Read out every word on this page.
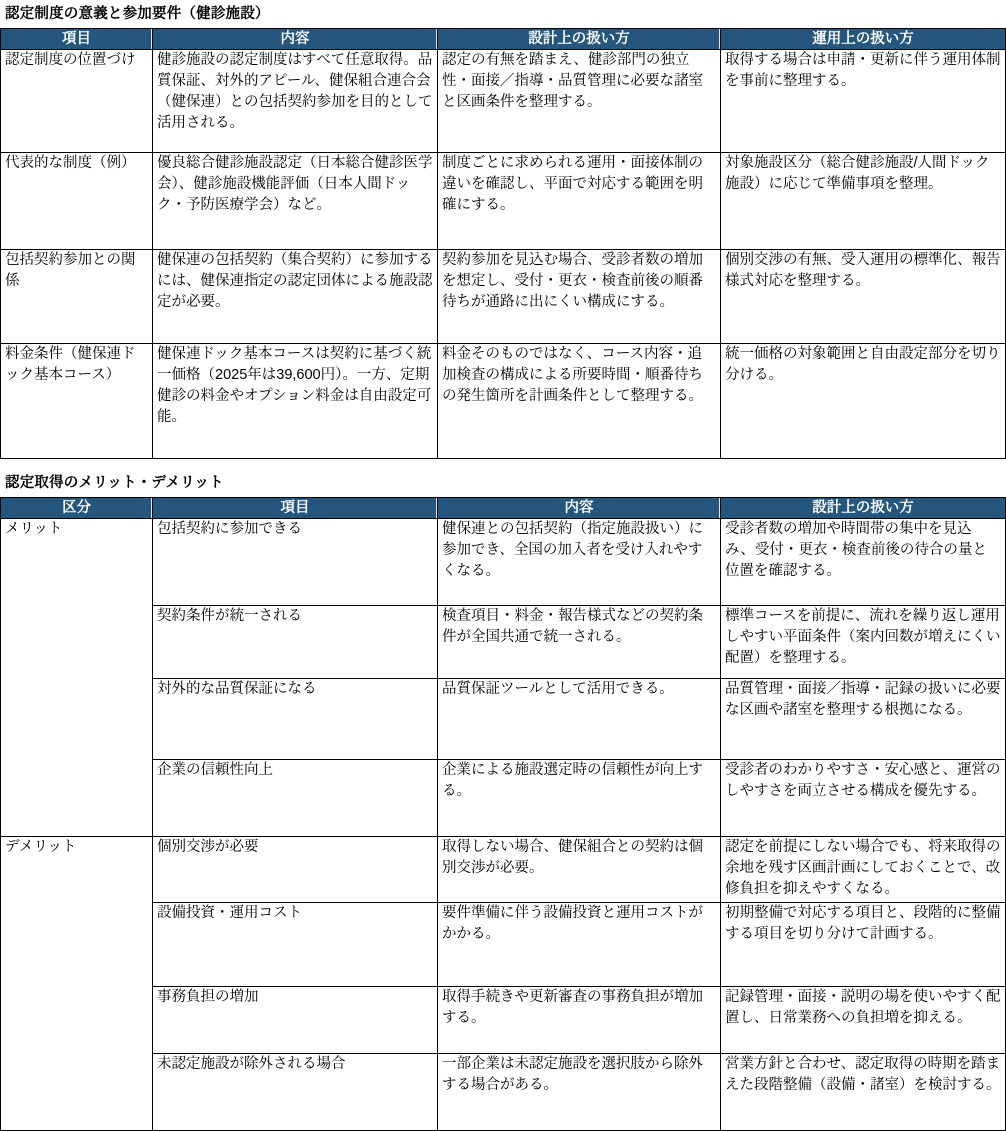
認定制度の意義と参加要件（健診施設）
項目	内容	設計上の扱い方	運用上の扱い方
認定制度の位置づけ	健診施設の認定制度はすべて任意取得。品質保証、対外的アピール、健保組合連合会（健保連）との包括契約参加を目的として活用される。	認定の有無を踏まえ、健診部門の独立性・面接／指導・品質管理に必要な諸室と区画条件を整理する。	取得する場合は申請・更新に伴う運用体制を事前に整理する。
代表的な制度（例）	優良総合健診施設認定（日本総合健診医学会）、健診施設機能評価（日本人間ドック・予防医療学会）など。	制度ごとに求められる運用・面接体制の違いを確認し、平面で対応する範囲を明確にする。	対象施設区分（総合健診施設/人間ドック施設）に応じて準備事項を整理。
包括契約参加との関係	健保連の包括契約（集合契約）に参加するには、健保連指定の認定団体による施設認定が必要。	契約参加を見込む場合、受診者数の増加を想定し、受付・更衣・検査前後の順番待ちが通路に出にくい構成にする。	個別交渉の有無、受入運用の標準化、報告様式対応を整理する。
料金条件（健保連ドック基本コース）	健保連ドック基本コースは契約に基づく統一価格（2025年は39,600円）。一方、定期健診の料金やオプション料金は自由設定可能。	料金そのものではなく、コース内容・追加検査の構成による所要時間・順番待ちの発生箇所を計画条件として整理する。	統一価格の対象範囲と自由設定部分を切り分ける。
認定取得のメリット・デメリット
区分	項目	内容	設計上の扱い方
メリット	包括契約に参加できる	健保連との包括契約（指定施設扱い）に参加でき、全国の加入者を受け入れやすくなる。	受診者数の増加や時間帯の集中を見込み、受付・更衣・検査前後の待合の量と位置を確認する。
	契約条件が統一される	検査項目・料金・報告様式などの契約条件が全国共通で統一される。	標準コースを前提に、流れを繰り返し運用しやすい平面条件（案内回数が増えにくい配置）を整理する。
	対外的な品質保証になる	品質保証ツールとして活用できる。	品質管理・面接／指導・記録の扱いに必要な区画や諸室を整理する根拠になる。
	企業の信頼性向上	企業による施設選定時の信頼性が向上する。	受診者のわかりやすさ・安心感と、運営のしやすさを両立させる構成を優先する。
デメリット	個別交渉が必要	取得しない場合、健保組合との契約は個別交渉が必要。	認定を前提にしない場合でも、将来取得の余地を残す区画計画にしておくことで、改修負担を抑えやすくなる。
	設備投資・運用コスト	要件準備に伴う設備投資と運用コストがかかる。	初期整備で対応する項目と、段階的に整備する項目を切り分けて計画する。
	事務負担の増加	取得手続きや更新審査の事務負担が増加する。	記録管理・面接・説明の場を使いやすく配置し、日常業務への負担増を抑える。
	未認定施設が除外される場合	一部企業は未認定施設を選択肢から除外する場合がある。	営業方針と合わせ、認定取得の時期を踏まえた段階整備（設備・諸室）を検討する。
